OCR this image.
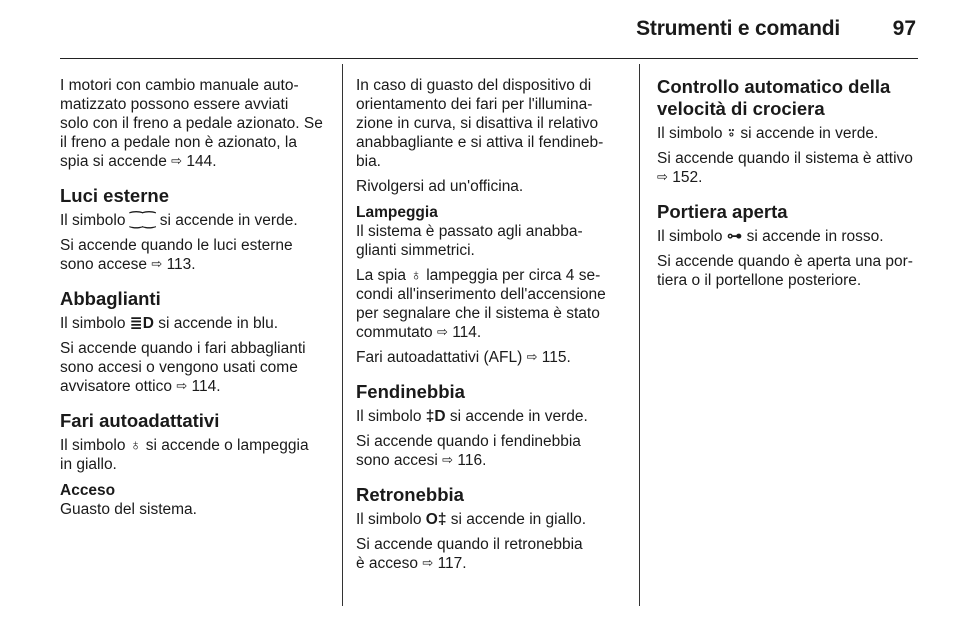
Strumenti e comandi	97

I motori con cambio manuale auto-
matizzato possono essere avviati
solo con il freno a pedale azionato. Se
il freno a pedale non è azionato, la
spia si accende ⇨ 144.

Luci esterne

Il simbolo ⁐⁐ si accende in verde.

Si accende quando le luci esterne
sono accese ⇨ 113.

Abbaglianti

Il simbolo ≣D si accende in blu.

Si accende quando i fari abbaglianti
sono accesi o vengono usati come
avvisatore ottico ⇨ 114.

Fari autoadattativi

Il simbolo ♁ si accende o lampeggia
in giallo.

Acceso

Guasto del sistema.

In caso di guasto del dispositivo di
orientamento dei fari per l'illumina-
zione in curva, si disattiva il relativo
anabbagliante e si attiva il fendineb-
bia.

Rivolgersi ad un'officina.

Lampeggia

Il sistema è passato agli anabba-
glianti simmetrici.

La spia ♁ lampeggia per circa 4 se-
condi all'inserimento dell'accensione
per segnalare che il sistema è stato
commutato ⇨ 114.

Fari autoadattativi (AFL) ⇨ 115.

Fendinebbia

Il simbolo ‡D si accende in verde.

Si accende quando i fendinebbia
sono accesi ⇨ 116.

Retronebbia

Il simbolo O‡ si accende in giallo.

Si accende quando il retronebbia
è acceso ⇨ 117.

Controllo automatico della
velocità di crociera

Il simbolo ⍤ si accende in verde.

Si accende quando il sistema è attivo
⇨ 152.

Portiera aperta

Il simbolo ⊶ si accende in rosso.

Si accende quando è aperta una por-
tiera o il portellone posteriore.
